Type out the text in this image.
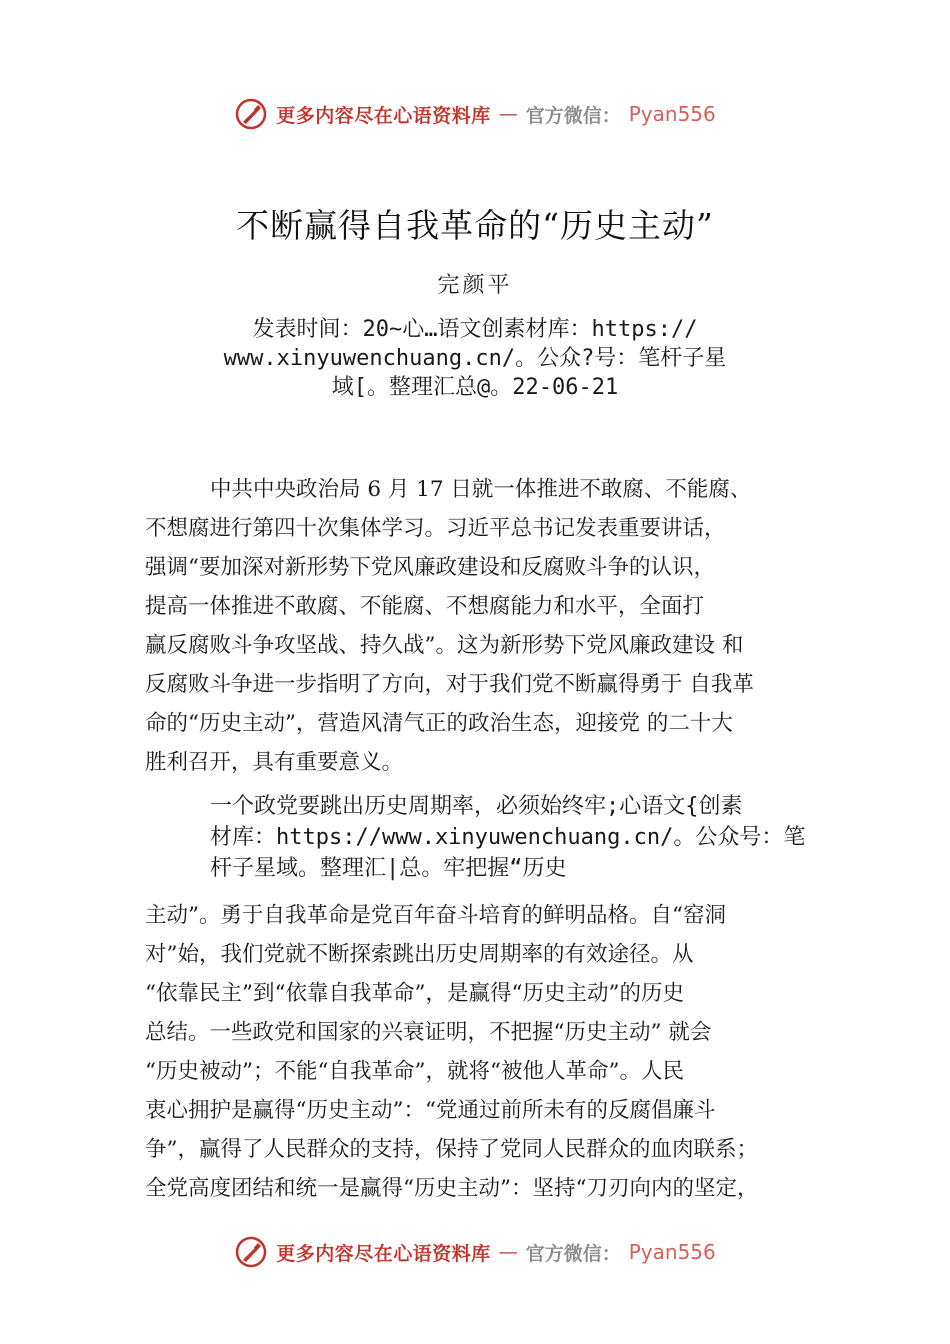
更多内容尽在心语资料库 — 官方微信： Pyan556
不断赢得自我革命的“历史主动”
完颜平
发表时间：20~心…语文创素材库：https://
www.xinyuwenchuang.cn/。公众?号：笔杆子星
域[。整理汇总@。22-06-21
中共中央政治局 6 月 17 日就一体推进不敢腐、不能腐、
不想腐进行第四十次集体学习。习近平总书记发表重要讲话，
强调“要加深对新形势下党风廉政建设和反腐败斗争的认识，
提高一体推进不敢腐、不能腐、不想腐能力和水平，全面打
赢反腐败斗争攻坚战、持久战”。这为新形势下党风廉政建设 和
反腐败斗争进一步指明了方向，对于我们党不断赢得勇于 自我革
命的“历史主动”，营造风清气正的政治生态，迎接党 的二十大
胜利召开，具有重要意义。
一个政党要跳出历史周期率，必须始终牢;心语文{创素
材库：https://www.xinyuwenchuang.cn/。公众号：笔
杆子星域。整理汇|总。牢把握“历史
主动”。勇于自我革命是党百年奋斗培育的鲜明品格。自“窑洞
对”始，我们党就不断探索跳出历史周期率的有效途径。从
“依靠民主”到“依靠自我革命”，是赢得“历史主动”的历史
总结。一些政党和国家的兴衰证明，不把握“历史主动” 就会
“历史被动”；不能“自我革命”，就将“被他人革命”。人民
衷心拥护是赢得“历史主动”：“党通过前所未有的反腐倡廉斗
争”，赢得了人民群众的支持，保持了党同人民群众的血肉联系；
全党高度团结和统一是赢得“历史主动”：坚持“刀刃向内的坚定，
更多内容尽在心语资料库 — 官方微信： Pyan556
